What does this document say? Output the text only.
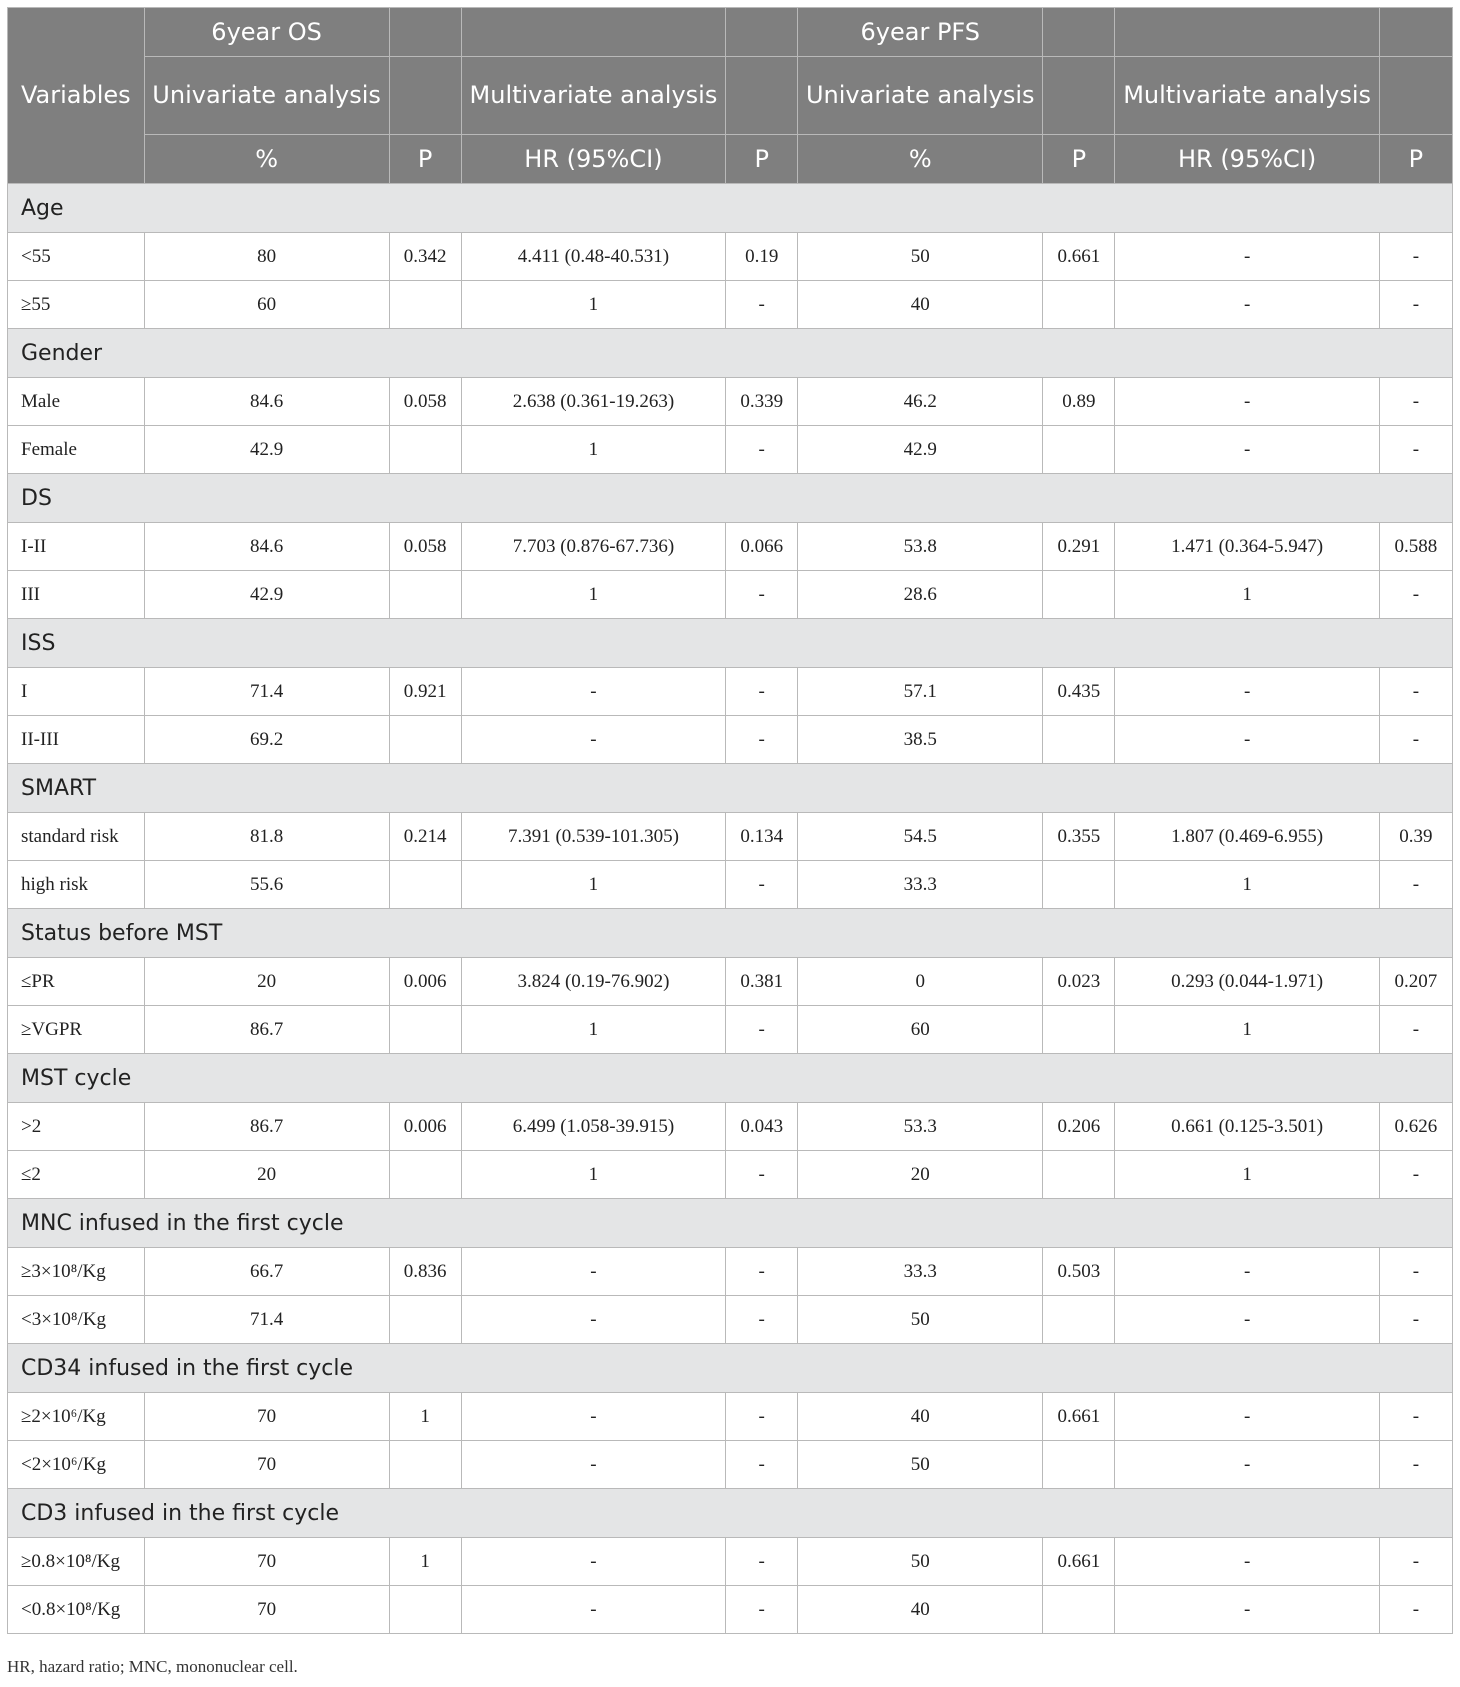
Variables	6year OS				6year PFS			
	Univariate analysis		Multivariate analysis		Univariate analysis		Multivariate analysis	
	%	P	HR (95%CI)	P	%	P	HR (95%CI)	P
Age								
<55	80	0.342	4.411 (0.48-40.531)	0.19	50	0.661	-	-
≥55	60		1	-	40		-	-
Gender								
Male	84.6	0.058	2.638 (0.361-19.263)	0.339	46.2	0.89	-	-
Female	42.9		1	-	42.9		-	-
DS								
I-II	84.6	0.058	7.703 (0.876-67.736)	0.066	53.8	0.291	1.471 (0.364-5.947)	0.588
III	42.9		1	-	28.6		1	-
ISS								
I	71.4	0.921	-	-	57.1	0.435	-	-
II-III	69.2		-	-	38.5		-	-
SMART								
standard risk	81.8	0.214	7.391 (0.539-101.305)	0.134	54.5	0.355	1.807 (0.469-6.955)	0.39
high risk	55.6		1	-	33.3		1	-
Status before MST								
≤PR	20	0.006	3.824 (0.19-76.902)	0.381	0	0.023	0.293 (0.044-1.971)	0.207
≥VGPR	86.7		1	-	60		1	-
MST cycle								
>2	86.7	0.006	6.499 (1.058-39.915)	0.043	53.3	0.206	0.661 (0.125-3.501)	0.626
≤2	20		1	-	20		1	-
MNC infused in the first cycle								
≥3×10⁸/Kg	66.7	0.836	-	-	33.3	0.503	-	-
<3×10⁸/Kg	71.4		-	-	50		-	-
CD34 infused in the first cycle								
≥2×10⁶/Kg	70	1	-	-	40	0.661	-	-
<2×10⁶/Kg	70		-	-	50		-	-
CD3 infused in the first cycle								
≥0.8×10⁸/Kg	70	1	-	-	50	0.661	-	-
<0.8×10⁸/Kg	70		-	-	40		-	-
HR, hazard ratio; MNC, mononuclear cell.
